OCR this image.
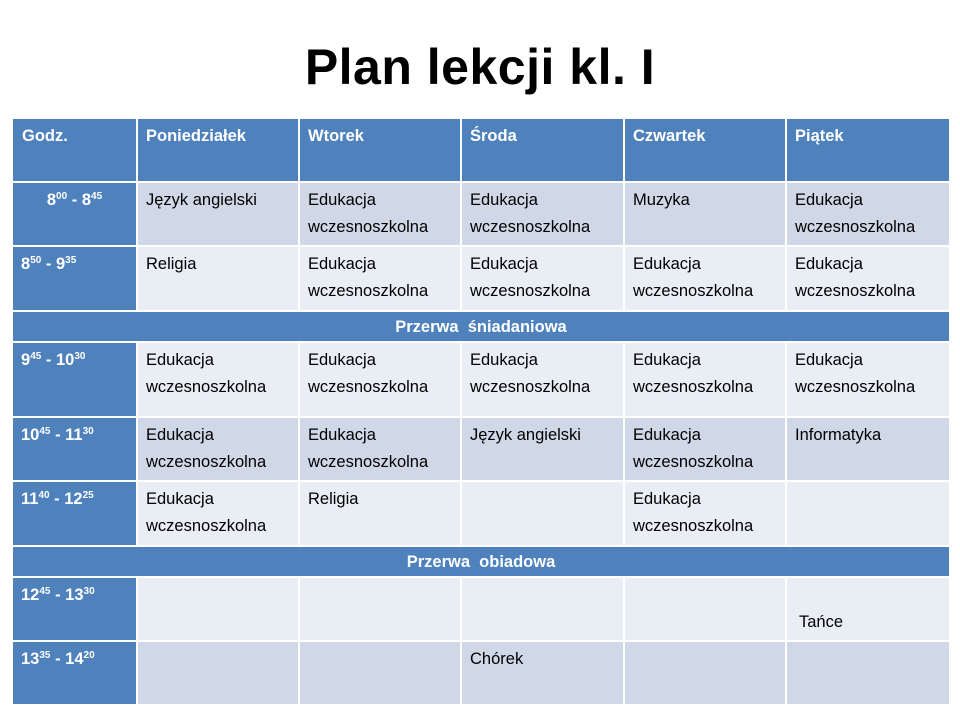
Plan lekcji kl. I
Godz.	Poniedziałek	Wtorek	Środa	Czwartek	Piątek
$8^{00} - 8^{45}$	Język angielski	Edukacja wczesnoszkolna	Edukacja wczesnoszkolna	Muzyka	Edukacja wczesnoszkolna
$8^{50} - 9^{35}$	Religia	Edukacja wczesnoszkolna	Edukacja wczesnoszkolna	Edukacja wczesnoszkolna	Edukacja wczesnoszkolna
Przerwa  śniadaniowa					
$9^{45} - 10^{30}$	Edukacja wczesnoszkolna	Edukacja wczesnoszkolna	Edukacja wczesnoszkolna	Edukacja wczesnoszkolna	Edukacja wczesnoszkolna
$10^{45} - 11^{30}$	Edukacja wczesnoszkolna	Edukacja wczesnoszkolna	Język angielski	Edukacja wczesnoszkolna	Informatyka
$11^{40} - 12^{25}$	Edukacja wczesnoszkolna	Religia		Edukacja wczesnoszkolna	
Przerwa  obiadowa					
$12^{45} - 13^{30}$					Tańce
$13^{35} - 14^{20}$			Chórek		
